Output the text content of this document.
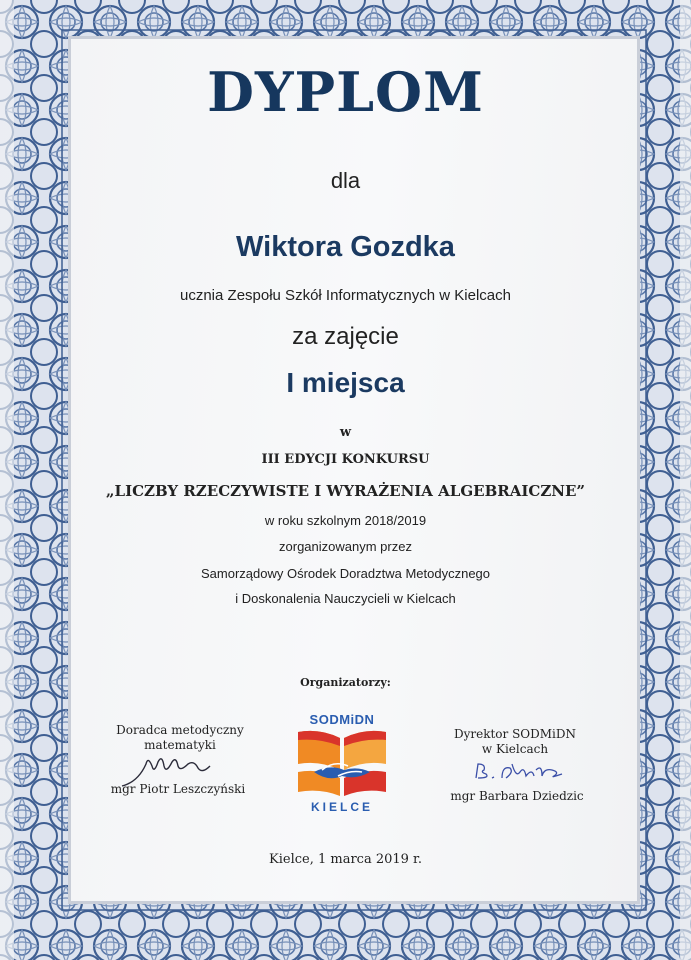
DYPLOM
dla
Wiktora Gozdka
ucznia Zespołu Szkół Informatycznych w Kielcach
za zajęcie
I miejsca
w
III EDYCJI KONKURSU
„LICZBY RZECZYWISTE I WYRAŻENIA ALGEBRAICZNE”
w roku szkolnym 2018/2019
zorganizowanym przez
Samorządowy Ośrodek Doradztwa Metodycznego
i Doskonalenia Nauczycieli w Kielcach
Organizatorzy:
Doradca metodyczny
matematyki
mgr Piotr Leszczyński
Dyrektor SODMiDN
w Kielcach
mgr Barbara Dziedzic
SODMiDN
KIELCE
Kielce, 1 marca 2019 r.
